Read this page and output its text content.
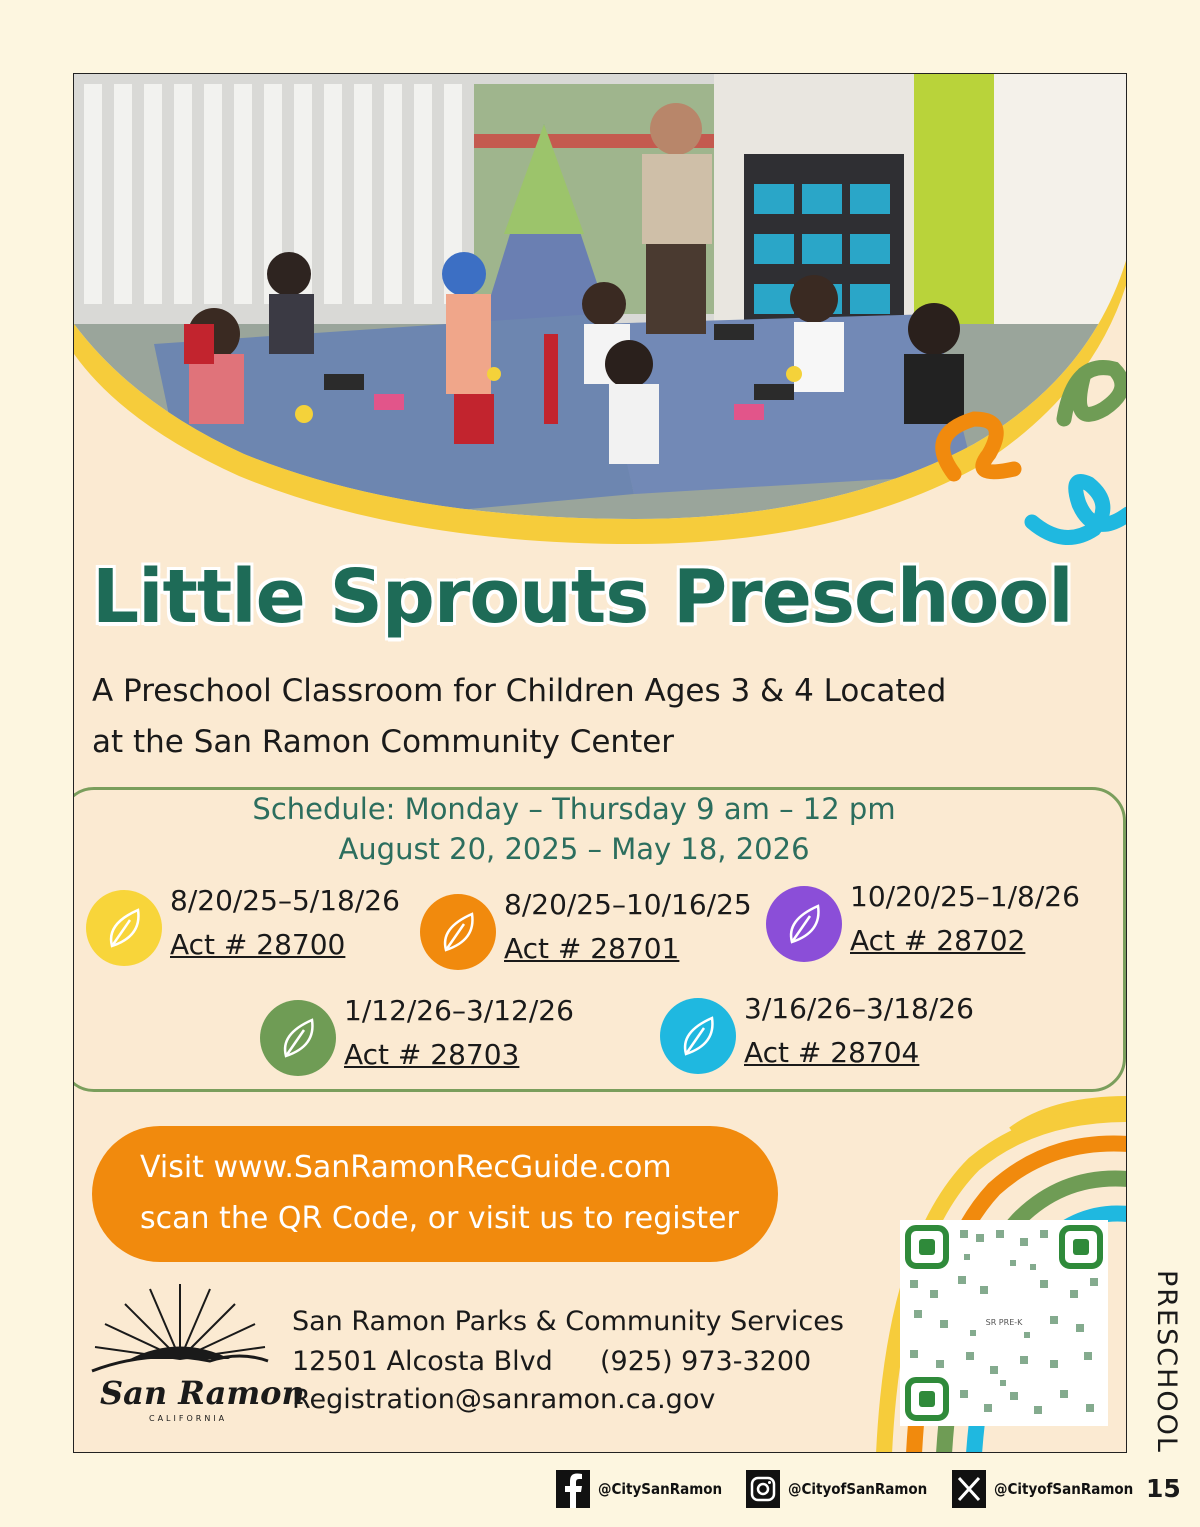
Little Sprouts Preschool
A Preschool Classroom for Children Ages 3 & 4 Located
at the San Ramon Community Center

Schedule: Monday – Thursday 9 am – 12 pm

August 20, 2025 – May 18, 2026

8/20/25–5/18/26

Act # 28700

8/20/25–10/16/25

Act # 28701

10/20/25–1/8/26

Act # 28702

1/12/26–3/12/26

Act # 28703

3/16/26–3/18/26

Act # 28704

Visit www.SanRamonRecGuide.com

scan the QR Code, or visit us to register

San Ramon

CALIFORNIA

San Ramon Parks & Community Services

12501 Alcosta Blvd (925) 973-3200

Registration@sanramon.ca.gov

SR PRE-K	PRESCHOOL

@CitySanRamon	@CityofSanRamon	@CityofSanRamon 15
